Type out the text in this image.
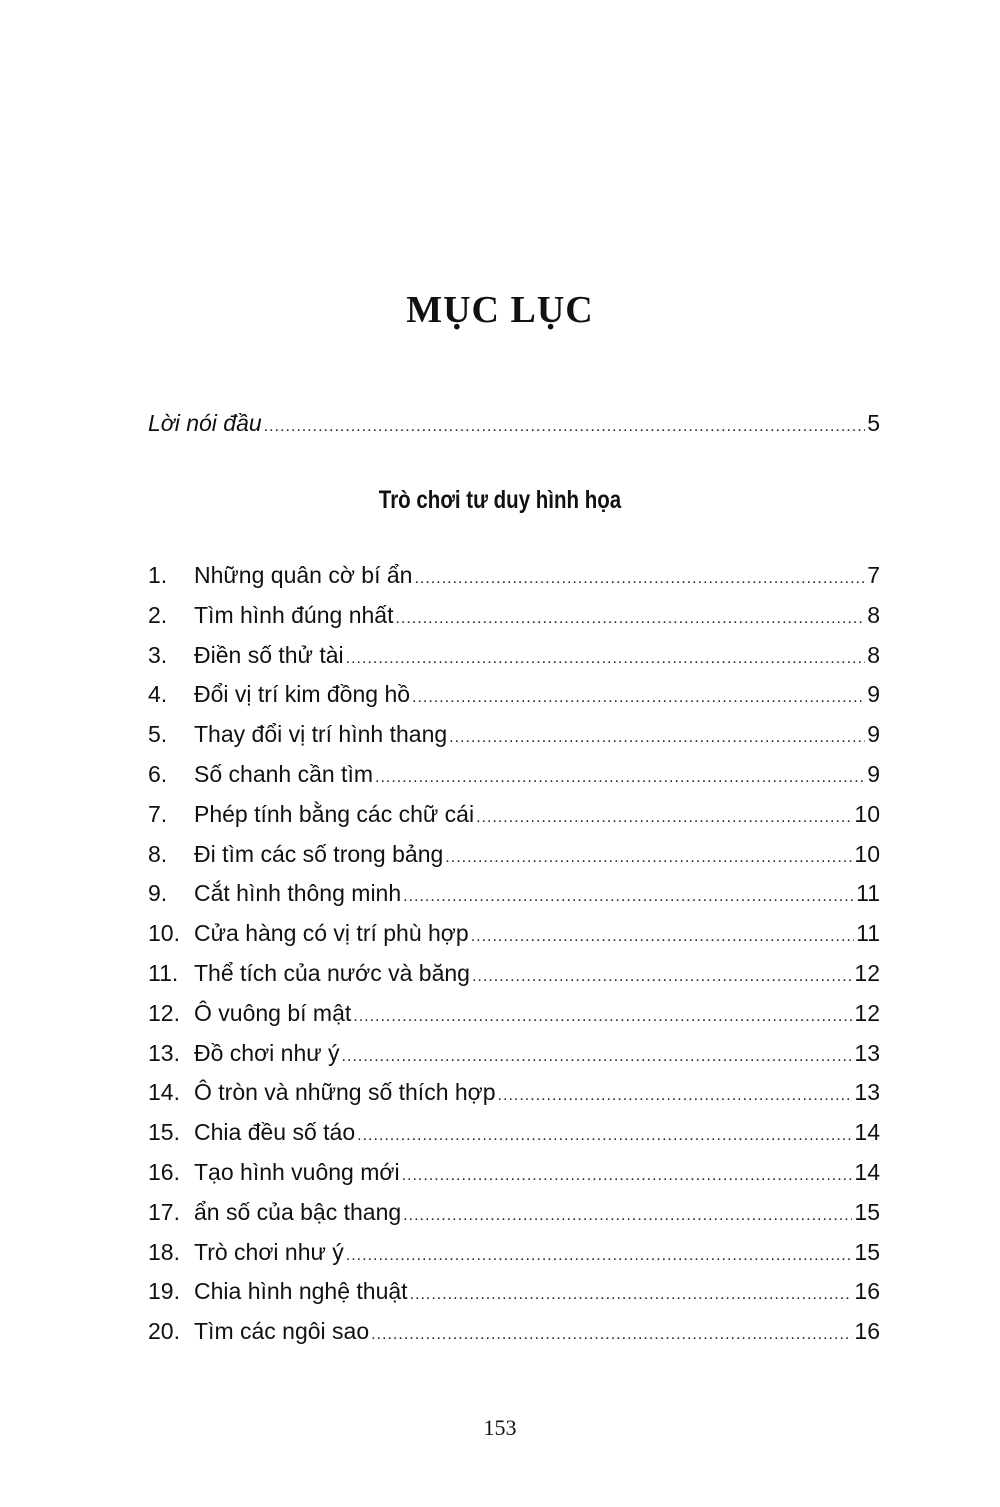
MỤC LỤC
Lời nói đầu .....	5
Trò chơi tư duy hình họa
1.	Những quân cờ bí ẩn .....	7
2.	Tìm hình đúng nhất .....	8
3.	Điền số thử tài .....	8
4.	Đổi vị trí kim đồng hồ .....	9
5.	Thay đổi vị trí hình thang .....	9
6.	Số chanh cần tìm .....	9
7.	Phép tính bằng các chữ cái .....	10
8.	Đi tìm các số trong bảng .....	10
9.	Cắt hình thông minh .....	11
10. Cửa hàng có vị trí phù hợp .....	11
11. Thể tích của nước và băng .....	12
12. Ô vuông bí mật .....	12
13. Đồ chơi như ý .....	13
14. Ô tròn và những số thích hợp .....	13
15. Chia đều số táo .....	14
16. Tạo hình vuông mới .....	14
17. ẩn số của bậc thang .....	15
18. Trò chơi như ý .....	15
19. Chia hình nghệ thuật .....	16
20. Tìm các ngôi sao .....	16
153
